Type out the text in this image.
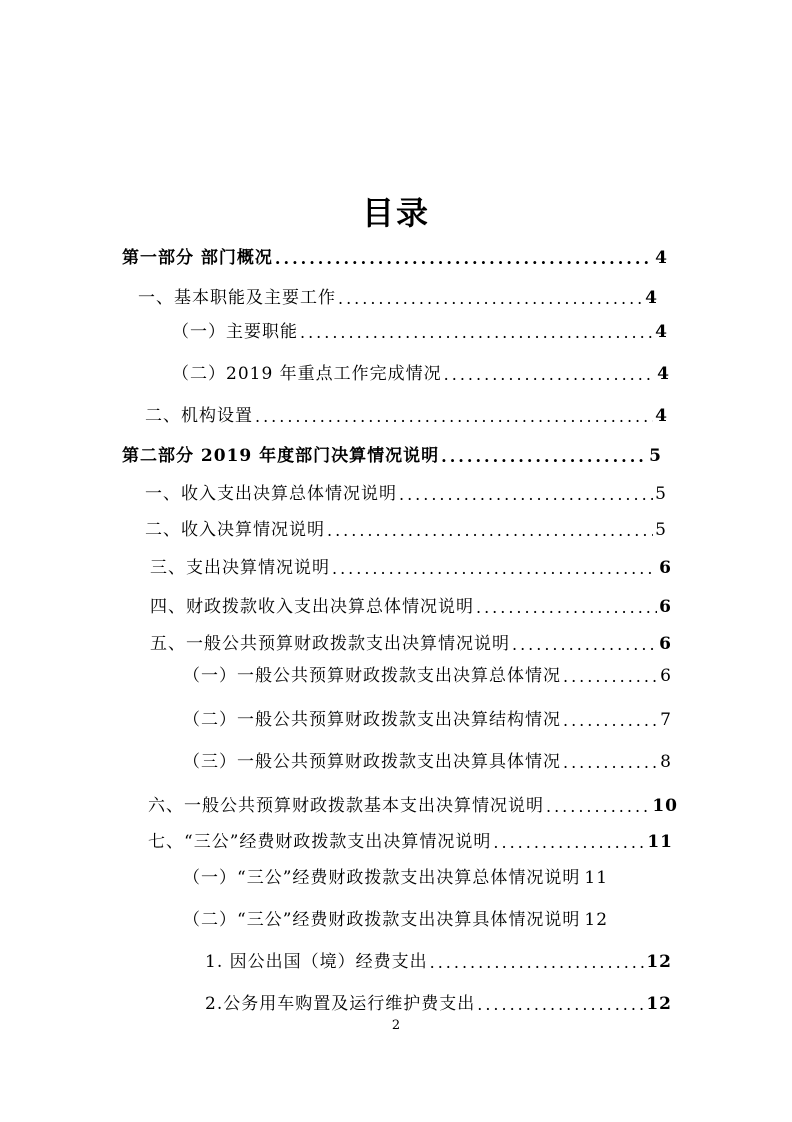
目录
第一部分 部门概况 .....	4
一、基本职能及主要工作 .....	4
（一）主要职能 .....	4
（二）2019 年重点工作完成情况 .....	4
二、机构设置 .....	4
第二部分 2019 年度部门决算情况说明 .....	5
一、收入支出决算总体情况说明 .....	5
二、收入决算情况说明 .....	5
三、支出决算情况说明 .....	6
四、财政拨款收入支出决算总体情况说明 .....	6
五、一般公共预算财政拨款支出决算情况说明 .....	6
（一）一般公共预算财政拨款支出决算总体情况 .....	6
（二）一般公共预算财政拨款支出决算结构情况 .....	7
（三）一般公共预算财政拨款支出决算具体情况 .....	8
六、一般公共预算财政拨款基本支出决算情况说明 .....	10
七、“三公”经费财政拨款支出决算情况说明 .....	11
（一）“三公”经费财政拨款支出决算总体情况说明 11
（二）“三公”经费财政拨款支出决算具体情况说明 12
1. 因公出国（境）经费支出 .....	12
2.公务用车购置及运行维护费支出 .....	12
2
